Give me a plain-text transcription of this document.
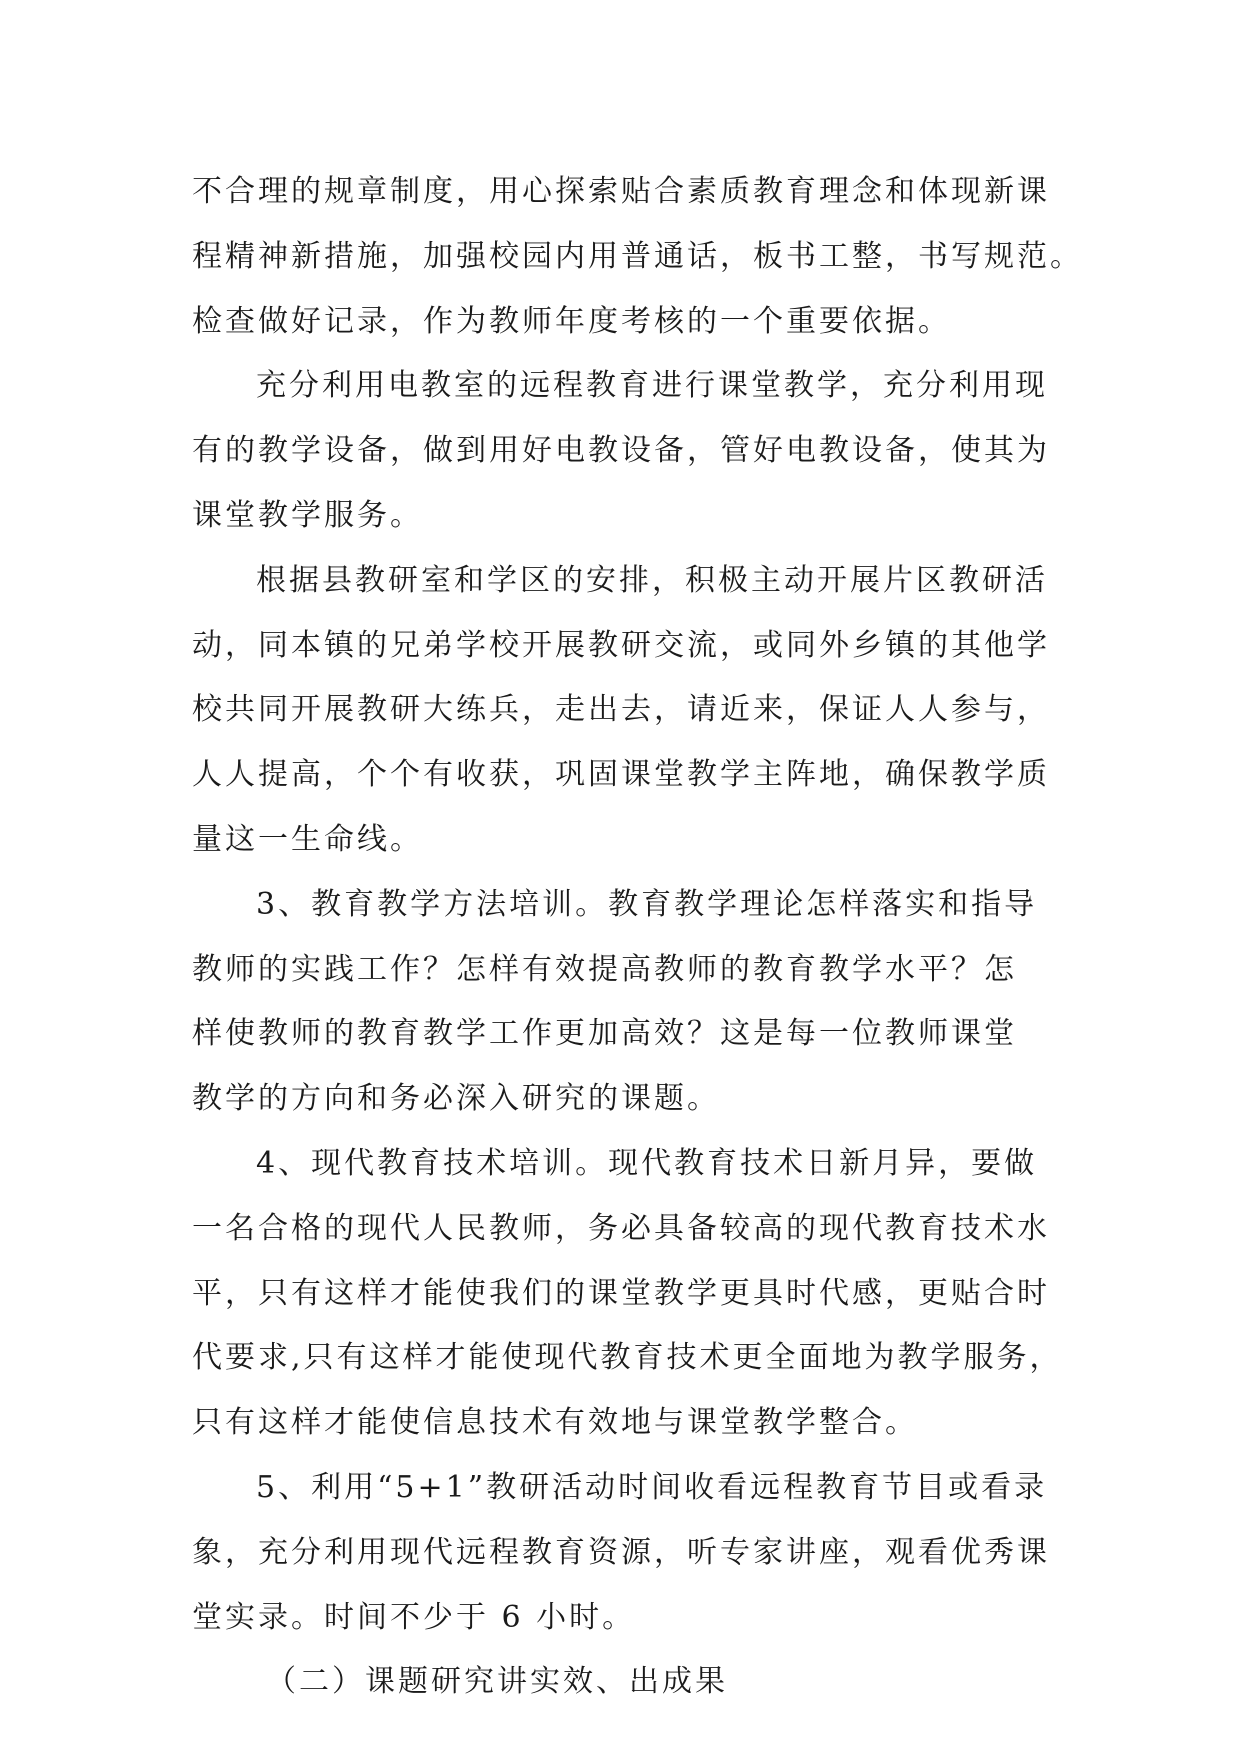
不合理的规章制度，用心探索贴合素质教育理念和体现新课
程精神新措施，加强校园内用普通话，板书工整，书写规范。
检查做好记录，作为教师年度考核的一个重要依据。
充分利用电教室的远程教育进行课堂教学，充分利用现
有的教学设备，做到用好电教设备，管好电教设备，使其为
课堂教学服务。
根据县教研室和学区的安排，积极主动开展片区教研活
动，同本镇的兄弟学校开展教研交流，或同外乡镇的其他学
校共同开展教研大练兵，走出去，请近来，保证人人参与，
人人提高，个个有收获，巩固课堂教学主阵地，确保教学质
量这一生命线。
3、教育教学方法培训。教育教学理论怎样落实和指导
教师的实践工作？怎样有效提高教师的教育教学水平？怎
样使教师的教育教学工作更加高效？这是每一位教师课堂
教学的方向和务必深入研究的课题。
4、现代教育技术培训。现代教育技术日新月异，要做
一名合格的现代人民教师，务必具备较高的现代教育技术水
平，只有这样才能使我们的课堂教学更具时代感，更贴合时
代要求,只有这样才能使现代教育技术更全面地为教学服务，
只有这样才能使信息技术有效地与课堂教学整合。
5、利用“5+1”教研活动时间收看远程教育节目或看录
象，充分利用现代远程教育资源，听专家讲座，观看优秀课
堂实录。时间不少于 6 小时。
（二）课题研究讲实效、出成果
